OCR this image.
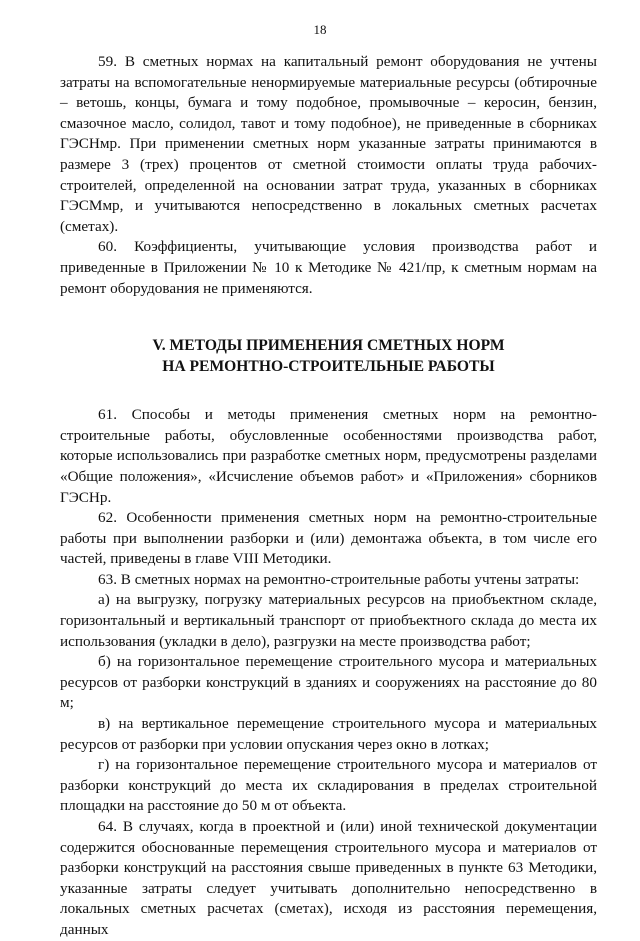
18

59. В сметных нормах на капитальный ремонт оборудования не учтены затраты на вспомогательные ненормируемые материальные ресурсы (обтирочные – ветошь, концы, бумага и тому подобное, промывочные – керосин, бензин, смазочное масло, солидол, тавот и тому подобное), не приведенные в сборниках ГЭСНмр. При применении сметных норм указанные затраты принимаются в размере 3 (трех) процентов от сметной стоимости оплаты труда рабочих-строителей, определенной на основании затрат труда, указанных в сборниках ГЭСМмр, и учитываются непосредственно в локальных сметных расчетах (сметах).

60. Коэффициенты, учитывающие условия производства работ и приведенные в Приложении № 10 к Методике № 421/пр, к сметным нормам на ремонт оборудования не применяются.

V. МЕТОДЫ ПРИМЕНЕНИЯ СМЕТНЫХ НОРМ
НА РЕМОНТНО-СТРОИТЕЛЬНЫЕ РАБОТЫ

61. Способы и методы применения сметных норм на ремонтно-строительные работы, обусловленные особенностями производства работ, которые использовались при разработке сметных норм, предусмотрены разделами «Общие положения», «Исчисление объемов работ» и «Приложения» сборников ГЭСНр.

62. Особенности применения сметных норм на ремонтно-строительные работы при выполнении разборки и (или) демонтажа объекта, в том числе его частей, приведены в главе VIII Методики.

63. В сметных нормах на ремонтно-строительные работы учтены затраты:

а) на выгрузку, погрузку материальных ресурсов на приобъектном складе, горизонтальный и вертикальный транспорт от приобъектного склада до места их использования (укладки в дело), разгрузки на месте производства работ;

б) на горизонтальное перемещение строительного мусора и материальных ресурсов от разборки конструкций в зданиях и сооружениях на расстояние до 80 м;

в) на вертикальное перемещение строительного мусора и материальных ресурсов от разборки при условии опускания через окно в лотках;

г) на горизонтальное перемещение строительного мусора и материалов от разборки конструкций до места их складирования в пределах строительной площадки на расстояние до 50 м от объекта.

64. В случаях, когда в проектной и (или) иной технической документации содержится обоснованные перемещения строительного мусора и материалов от разборки конструкций на расстояния свыше приведенных в пункте 63 Методики, указанные затраты следует учитывать дополнительно непосредственно в локальных сметных расчетах (сметах), исходя из расстояния перемещения, данных
